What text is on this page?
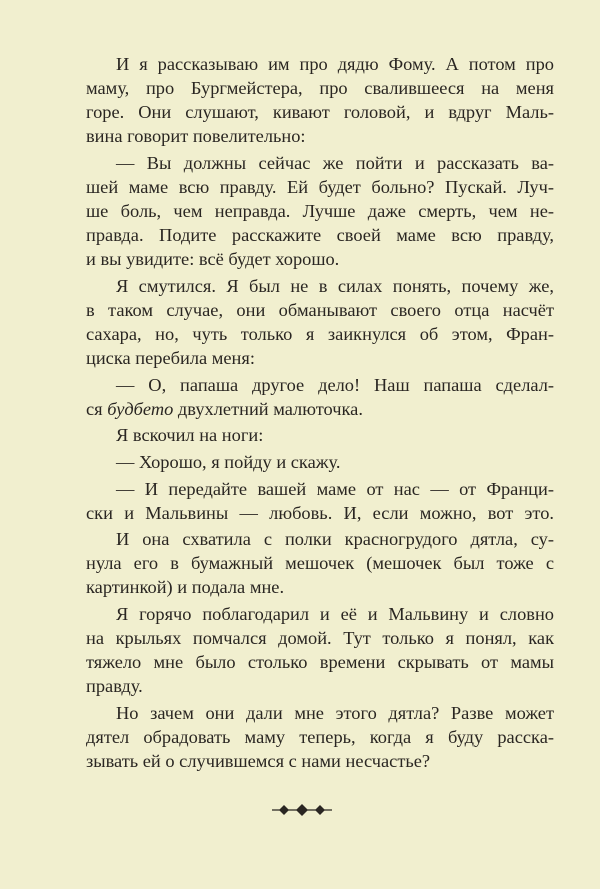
И я рассказываю им про дядю Фому. А потом про
маму, про Бургмейстера, про свалившееся на меня
горе. Они слушают, кивают головой, и вдруг Маль-
вина говорит повелительно:
— Вы должны сейчас же пойти и рассказать ва-
шей маме всю правду. Ей будет больно? Пускай. Луч-
ше боль, чем неправда. Лучше даже смерть, чем не-
правда. Подите расскажите своей маме всю правду,
и вы увидите: всё будет хорошо.
Я смутился. Я был не в силах понять, почему же,
в таком случае, они обманывают своего отца насчёт
сахара, но, чуть только я заикнулся об этом, Фран-
циска перебила меня:
— О, папаша другое дело! Наш папаша сделал-
ся будбето двухлетний малюточка.
Я вскочил на ноги:
— Хорошо, я пойду и скажу.
— И передайте вашей маме от нас — от Франци-
ски и Мальвины — любовь. И, если можно, вот это.
И она схватила с полки красногрудого дятла, су-
нула его в бумажный мешочек (мешочек был тоже с
картинкой) и подала мне.
Я горячо поблагодарил и её и Мальвину и словно
на крыльях помчался домой. Тут только я понял, как
тяжело мне было столько времени скрывать от мамы
правду.
Но зачем они дали мне этого дятла? Разве может
дятел обрадовать маму теперь, когда я буду расска-
зывать ей о случившемся с нами несчастье?
